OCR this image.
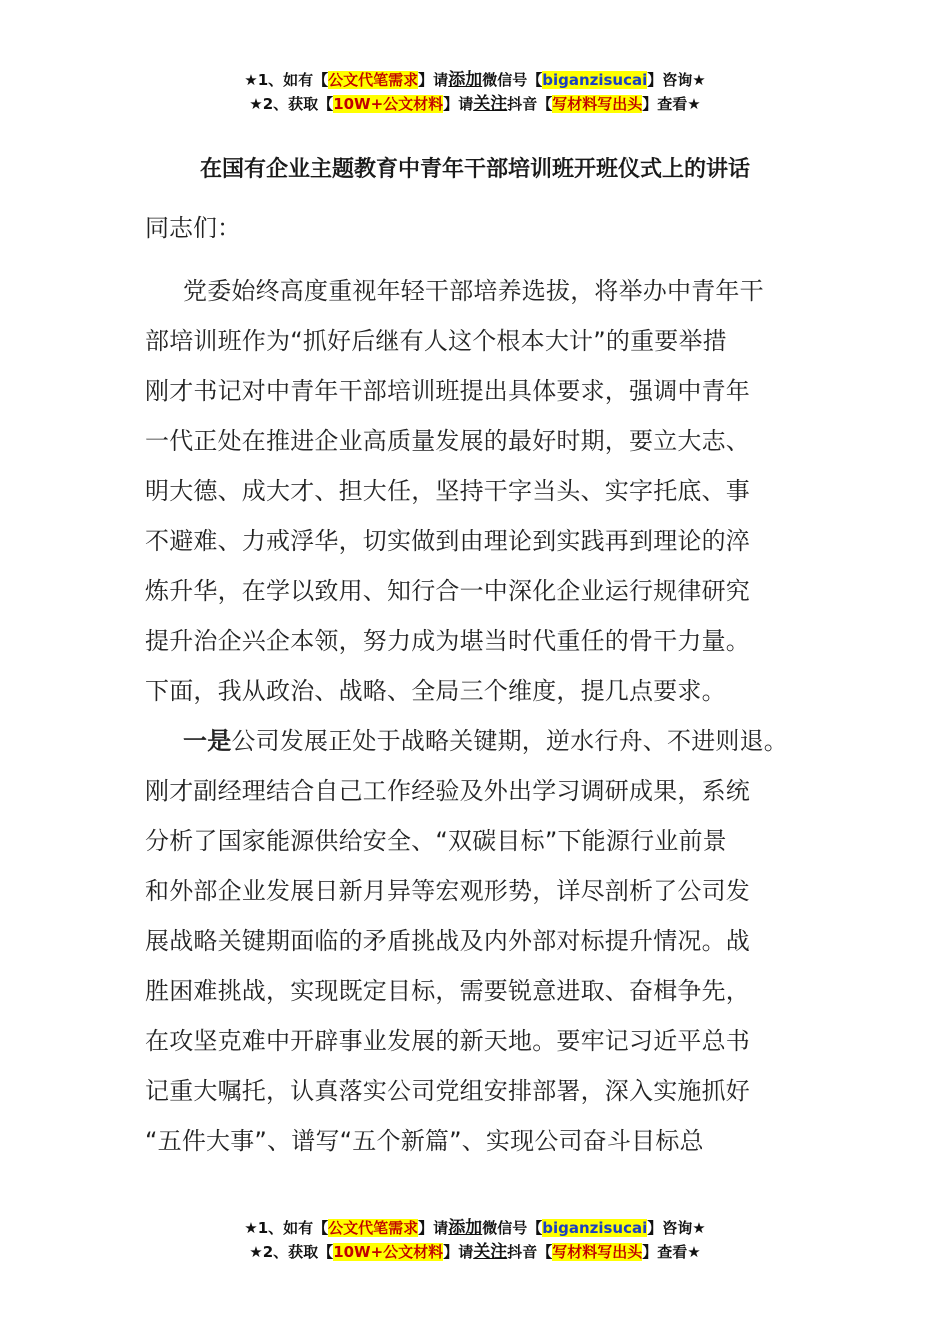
★1、如有【公文代笔需求】请添加微信号【biganzisucai】咨询★
★2、获取【10W+公文材料】请关注抖音【写材料写出头】查看★
在国有企业主题教育中青年干部培训班开班仪式上的讲话

同志们：

党委始终高度重视年轻干部培养选拔，将举办中青年干
部培训班作为“抓好后继有人这个根本大计”的重要举措
刚才书记对中青年干部培训班提出具体要求，强调中青年
一代正处在推进企业高质量发展的最好时期，要立大志、
明大德、成大才、担大任，坚持干字当头、实字托底、事
不避难、力戒浮华，切实做到由理论到实践再到理论的淬
炼升华，在学以致用、知行合一中深化企业运行规律研究
提升治企兴企本领，努力成为堪当时代重任的骨干力量。
下面，我从政治、战略、全局三个维度，提几点要求。
一是公司发展正处于战略关键期，逆水行舟、不进则退。
刚才副经理结合自己工作经验及外出学习调研成果，系统
分析了国家能源供给安全、“双碳目标”下能源行业前景
和外部企业发展日新月异等宏观形势，详尽剖析了公司发
展战略关键期面临的矛盾挑战及内外部对标提升情况。战
胜困难挑战，实现既定目标，需要锐意进取、奋楫争先，
在攻坚克难中开辟事业发展的新天地。要牢记习近平总书
记重大嘱托，认真落实公司党组安排部署，深入实施抓好
“五件大事”、谱写“五个新篇”、实现公司奋斗目标总
★1、如有【公文代笔需求】请添加微信号【biganzisucai】咨询★
★2、获取【10W+公文材料】请关注抖音【写材料写出头】查看★
